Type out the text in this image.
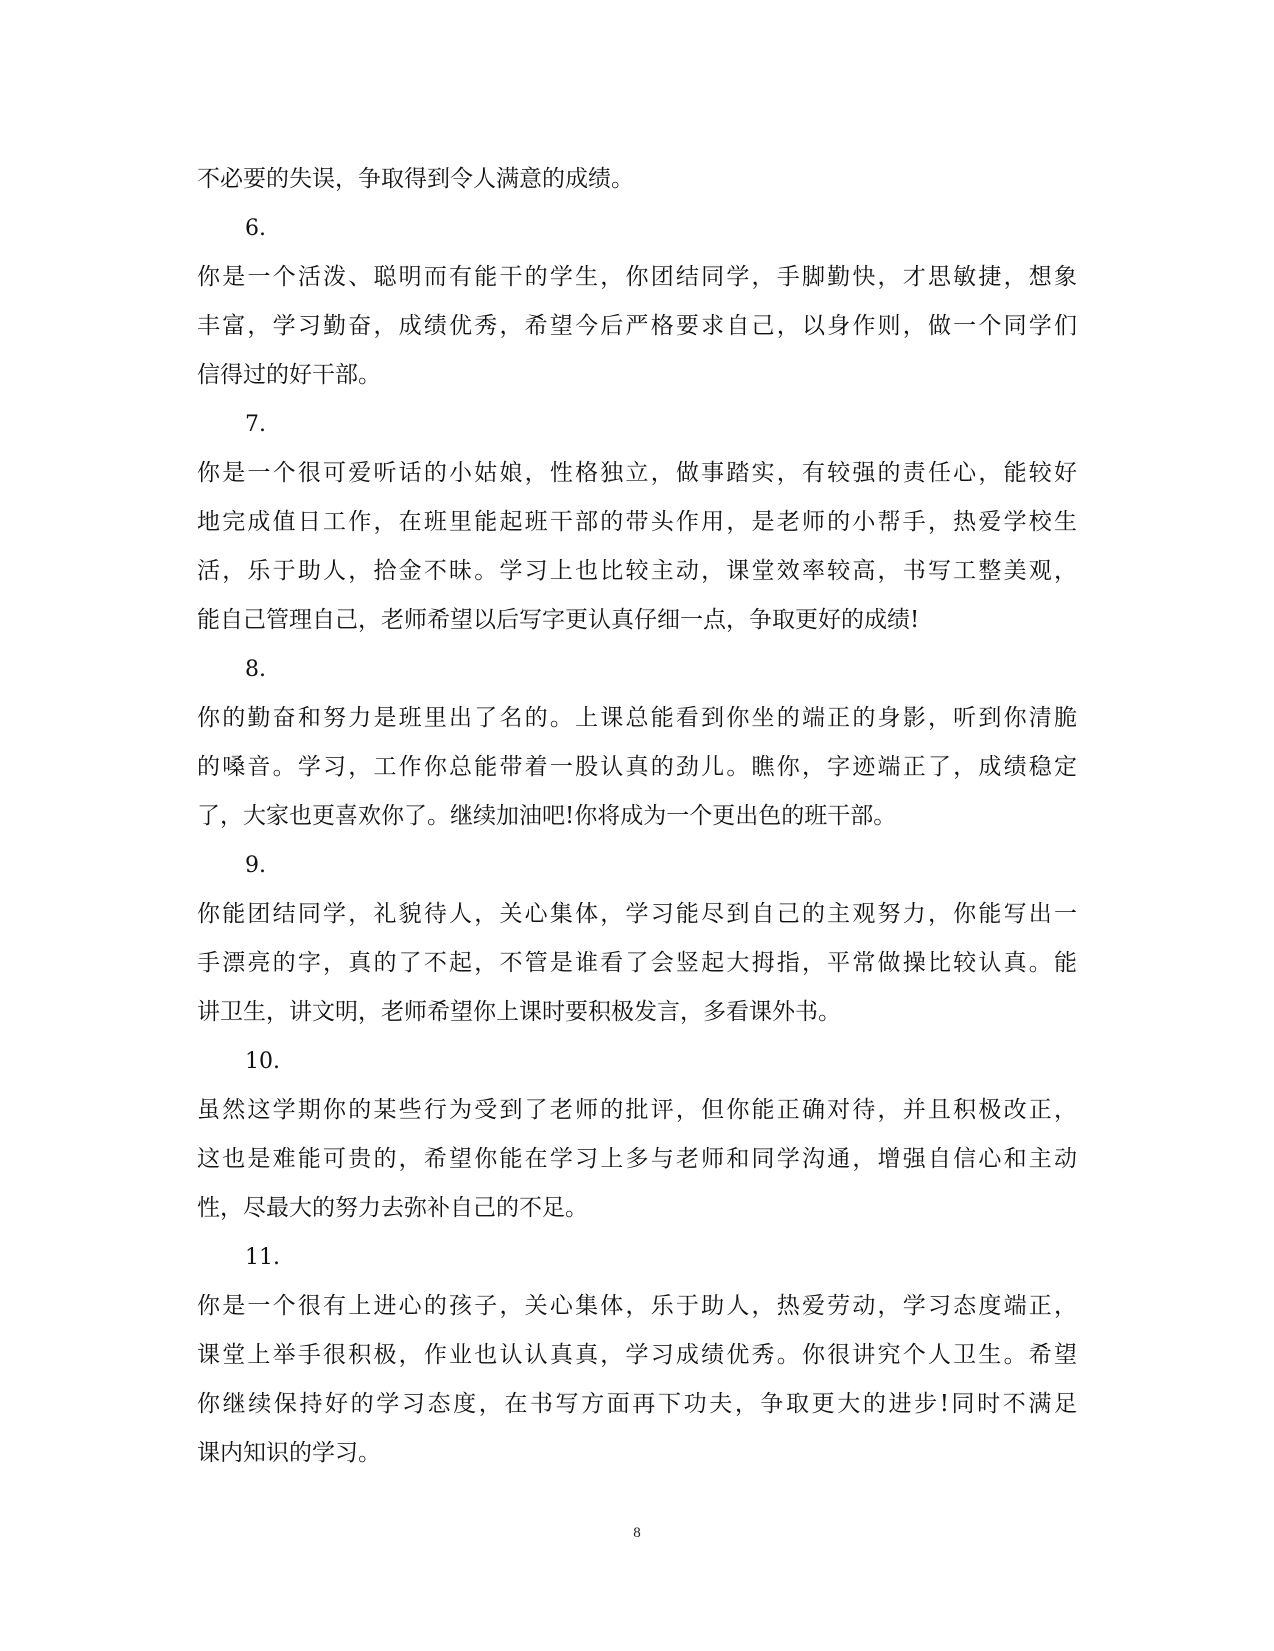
不必要的失误，争取得到令人满意的成绩。
6.
你是一个活泼、聪明而有能干的学生，你团结同学，手脚勤快，才思敏捷，想象
丰富，学习勤奋，成绩优秀，希望今后严格要求自己，以身作则，做一个同学们
信得过的好干部。
7.
你是一个很可爱听话的小姑娘，性格独立，做事踏实，有较强的责任心，能较好
地完成值日工作，在班里能起班干部的带头作用，是老师的小帮手，热爱学校生
活，乐于助人，拾金不昧。学习上也比较主动，课堂效率较高，书写工整美观，
能自己管理自己，老师希望以后写字更认真仔细一点，争取更好的成绩!
8.
你的勤奋和努力是班里出了名的。上课总能看到你坐的端正的身影，听到你清脆
的嗓音。学习，工作你总能带着一股认真的劲儿。瞧你，字迹端正了，成绩稳定
了，大家也更喜欢你了。继续加油吧!你将成为一个更出色的班干部。
9.
你能团结同学，礼貌待人，关心集体，学习能尽到自己的主观努力，你能写出一
手漂亮的字，真的了不起，不管是谁看了会竖起大拇指，平常做操比较认真。能
讲卫生，讲文明，老师希望你上课时要积极发言，多看课外书。
10.
虽然这学期你的某些行为受到了老师的批评，但你能正确对待，并且积极改正，
这也是难能可贵的，希望你能在学习上多与老师和同学沟通，增强自信心和主动
性，尽最大的努力去弥补自己的不足。
11.
你是一个很有上进心的孩子，关心集体，乐于助人，热爱劳动，学习态度端正，
课堂上举手很积极，作业也认认真真，学习成绩优秀。你很讲究个人卫生。希望
你继续保持好的学习态度，在书写方面再下功夫，争取更大的进步!同时不满足
课内知识的学习。
8
